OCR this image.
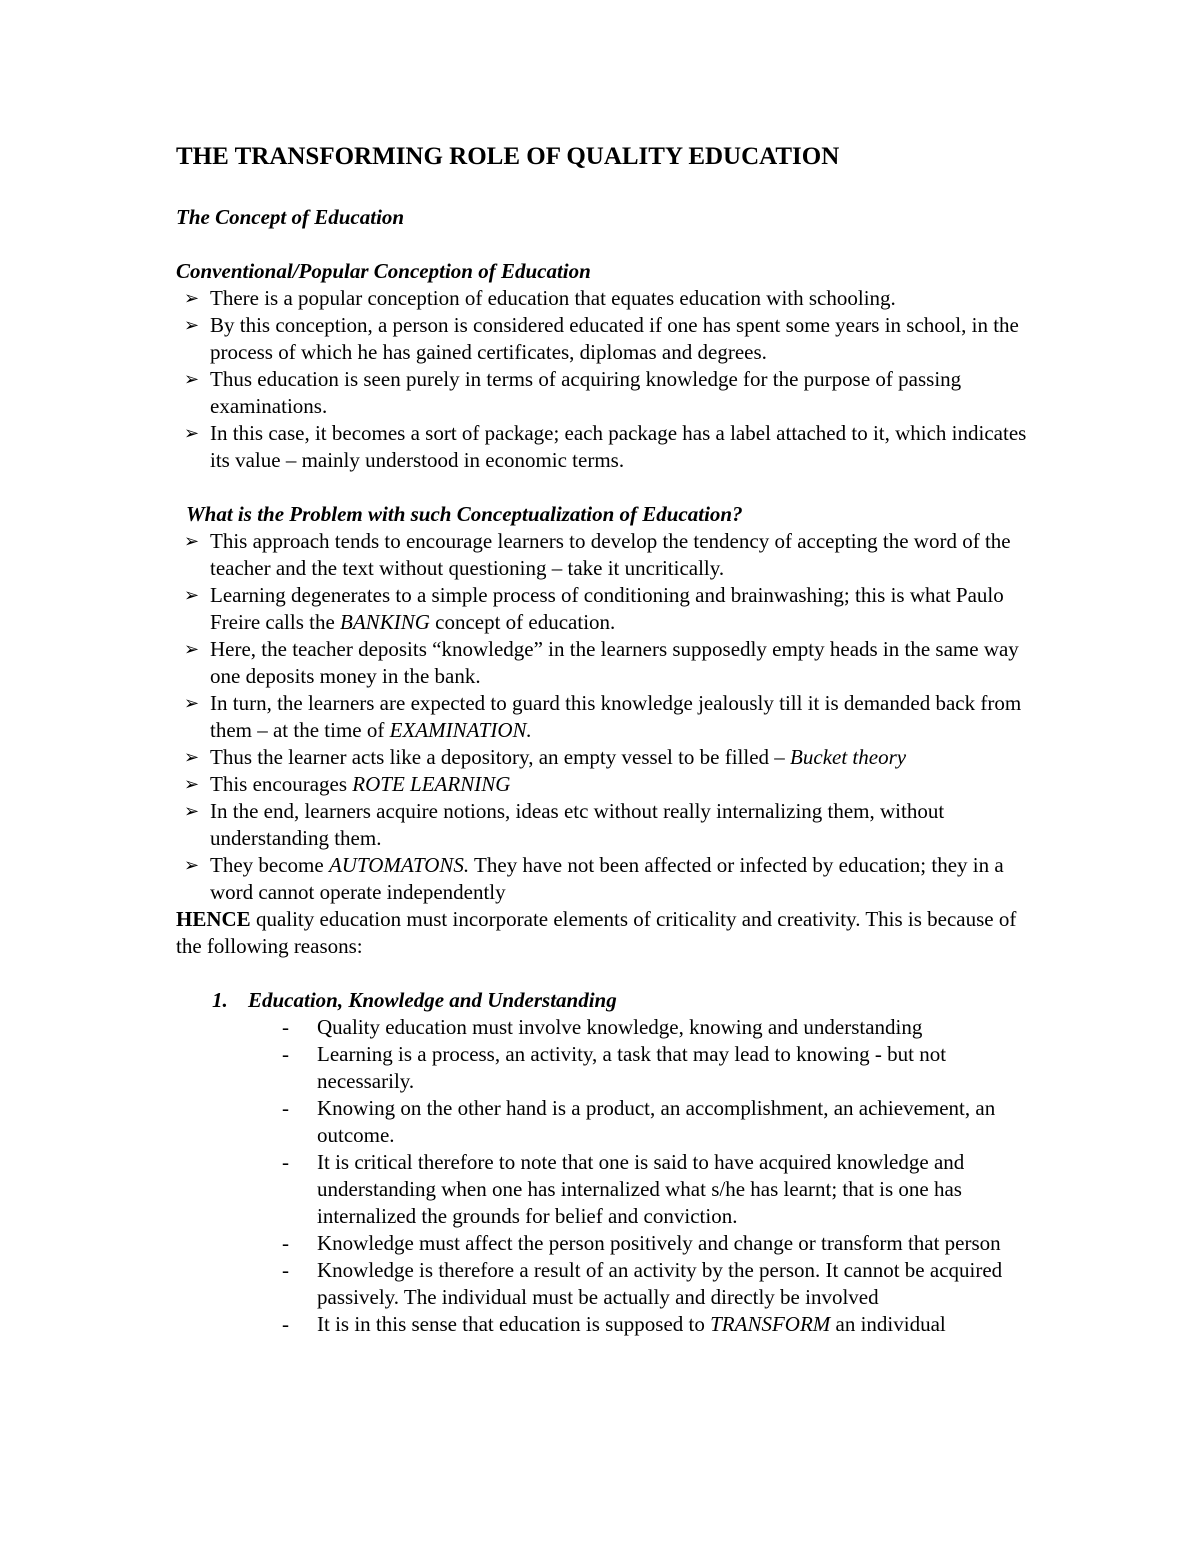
THE TRANSFORMING ROLE OF QUALITY EDUCATION

The Concept of Education

Conventional/Popular Conception of Education

➢ There is a popular conception of education that equates education with schooling.
➢ By this conception, a person is considered educated if one has spent some years in school, in the process of which he has gained certificates, diplomas and degrees.
➢ Thus education is seen purely in terms of acquiring knowledge for the purpose of passing examinations.
➢ In this case, it becomes a sort of package; each package has a label attached to it, which indicates its value – mainly understood in economic terms.

What is the Problem with such Conceptualization of Education?

➢ This approach tends to encourage learners to develop the tendency of accepting the word of the teacher and the text without questioning – take it uncritically.
➢ Learning degenerates to a simple process of conditioning and brainwashing; this is what Paulo Freire calls the BANKING concept of education.
➢ Here, the teacher deposits “knowledge” in the learners supposedly empty heads in the same way one deposits money in the bank.
➢ In turn, the learners are expected to guard this knowledge jealously till it is demanded back from them – at the time of EXAMINATION.
➢ Thus the learner acts like a depository, an empty vessel to be filled – Bucket theory
➢ This encourages ROTE LEARNING
➢ In the end, learners acquire notions, ideas etc without really internalizing them, without understanding them.
➢ They become AUTOMATONS. They have not been affected or infected by education; they in a word cannot operate independently

HENCE quality education must incorporate elements of criticality and creativity. This is because of the following reasons:

1. Education, Knowledge and Understanding
- Quality education must involve knowledge, knowing and understanding
- Learning is a process, an activity, a task that may lead to knowing - but not necessarily.
- Knowing on the other hand is a product, an accomplishment, an achievement, an outcome.
- It is critical therefore to note that one is said to have acquired knowledge and understanding when one has internalized what s/he has learnt; that is one has internalized the grounds for belief and conviction.
- Knowledge must affect the person positively and change or transform that person
- Knowledge is therefore a result of an activity by the person. It cannot be acquired passively. The individual must be actually and directly be involved
- It is in this sense that education is supposed to TRANSFORM an individual
